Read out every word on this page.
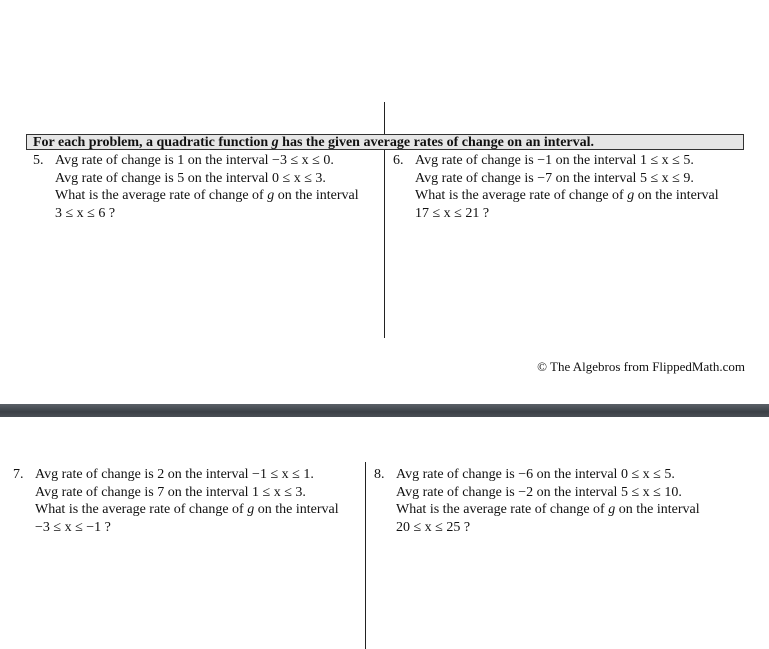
For each problem, a quadratic function g has the given average rates of change on an interval.
5. Avg rate of change is 1 on the interval −3 ≤ x ≤ 0.
Avg rate of change is 5 on the interval 0 ≤ x ≤ 3.
What is the average rate of change of g on the interval
3 ≤ x ≤ 6 ?
6. Avg rate of change is −1 on the interval 1 ≤ x ≤ 5.
Avg rate of change is −7 on the interval 5 ≤ x ≤ 9.
What is the average rate of change of g on the interval
17 ≤ x ≤ 21 ?
© The Algebros from FlippedMath.com
7. Avg rate of change is 2 on the interval −1 ≤ x ≤ 1.
Avg rate of change is 7 on the interval 1 ≤ x ≤ 3.
What is the average rate of change of g on the interval
−3 ≤ x ≤ −1 ?
8. Avg rate of change is −6 on the interval 0 ≤ x ≤ 5.
Avg rate of change is −2 on the interval 5 ≤ x ≤ 10.
What is the average rate of change of g on the interval
20 ≤ x ≤ 25 ?
